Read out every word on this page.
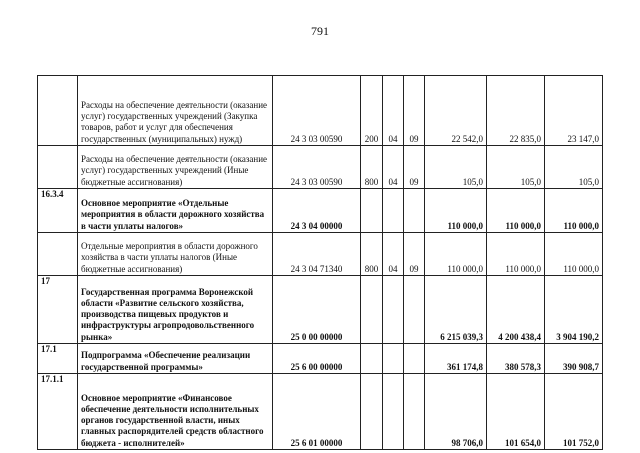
791
	Расходы на обеспечение деятельности (оказание услуг) государственных учреждений (Закупка товаров, работ и услуг для обеспечения государственных (муниципальных) нужд)	24 3 03 00590	200	04	09	22 542,0	22 835,0	23 147,0
	Расходы на обеспечение деятельности (оказание услуг) государственных учреждений (Иные бюджетные ассигнования)	24 3 03 00590	800	04	09	105,0	105,0	105,0
16.3.4	Основное мероприятие «Отдельные мероприятия в области дорожного хозяйства в части уплаты налогов»	24 3 04 00000				110 000,0	110 000,0	110 000,0
	Отдельные мероприятия в области дорожного хозяйства в части уплаты налогов (Иные бюджетные ассигнования)	24 3 04 71340	800	04	09	110 000,0	110 000,0	110 000,0
17	Государственная программа Воронежской области «Развитие сельского хозяйства, производства пищевых продуктов и инфраструктуры агропродовольственного рынка»	25 0 00 00000				6 215 039,3	4 200 438,4	3 904 190,2
17.1	Подпрограмма «Обеспечение реализации государственной программы»	25 6 00 00000				361 174,8	380 578,3	390 908,7
17.1.1	Основное мероприятие «Финансовое обеспечение деятельности исполнительных органов государственной власти, иных главных распорядителей средств областного бюджета - исполнителей»	25 6 01 00000				98 706,0	101 654,0	101 752,0
